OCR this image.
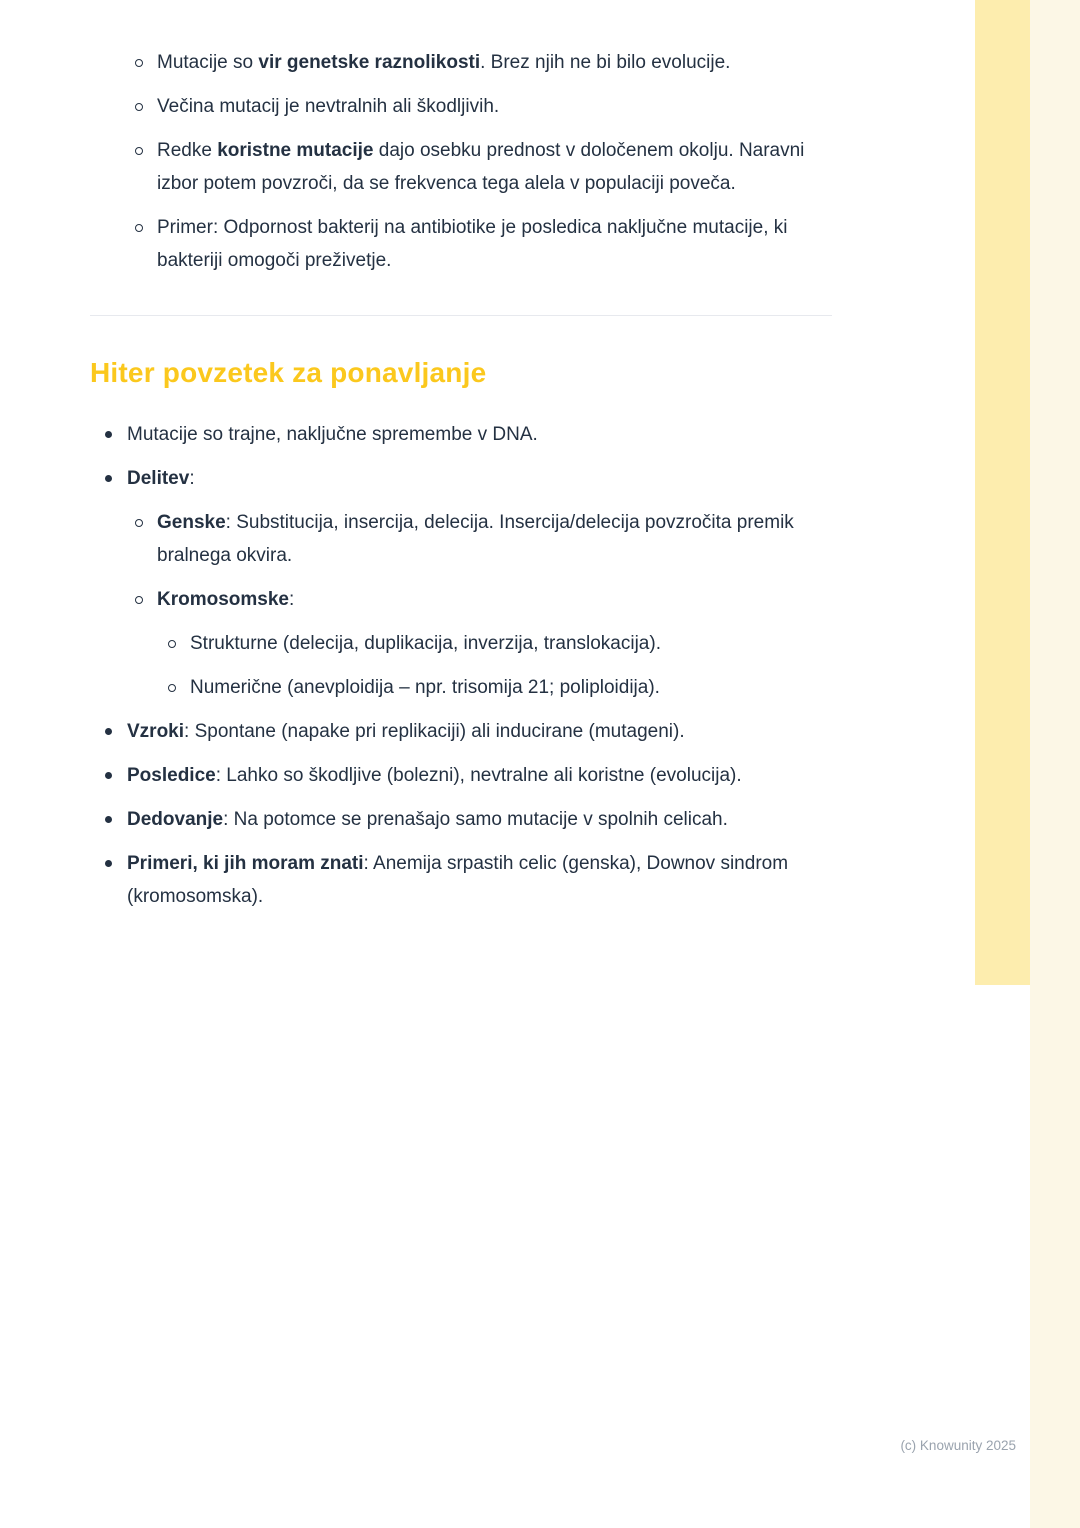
Mutacije so vir genetske raznolikosti. Brez njih ne bi bilo evolucije.
Večina mutacij je nevtralnih ali škodljivih.
Redke koristne mutacije dajo osebku prednost v določenem okolju. Naravni izbor potem povzroči, da se frekvenca tega alela v populaciji poveča.
Primer: Odpornost bakterij na antibiotike je posledica naključne mutacije, ki bakteriji omogoči preživetje.
Hiter povzetek za ponavljanje
Mutacije so trajne, naključne spremembe v DNA.
Delitev:
Genske: Substitucija, insercija, delecija. Insercija/delecija povzročita premik bralnega okvira.
Kromosomske:
Strukturne (delecija, duplikacija, inverzija, translokacija).
Numerične (anevploidija – npr. trisomija 21; poliploidija).
Vzroki: Spontane (napake pri replikaciji) ali inducirane (mutageni).
Posledice: Lahko so škodljive (bolezni), nevtralne ali koristne (evolucija).
Dedovanje: Na potomce se prenašajo samo mutacije v spolnih celicah.
Primeri, ki jih moram znati: Anemija srpastih celic (genska), Downov sindrom (kromosomska).
(c) Knowunity 2025
